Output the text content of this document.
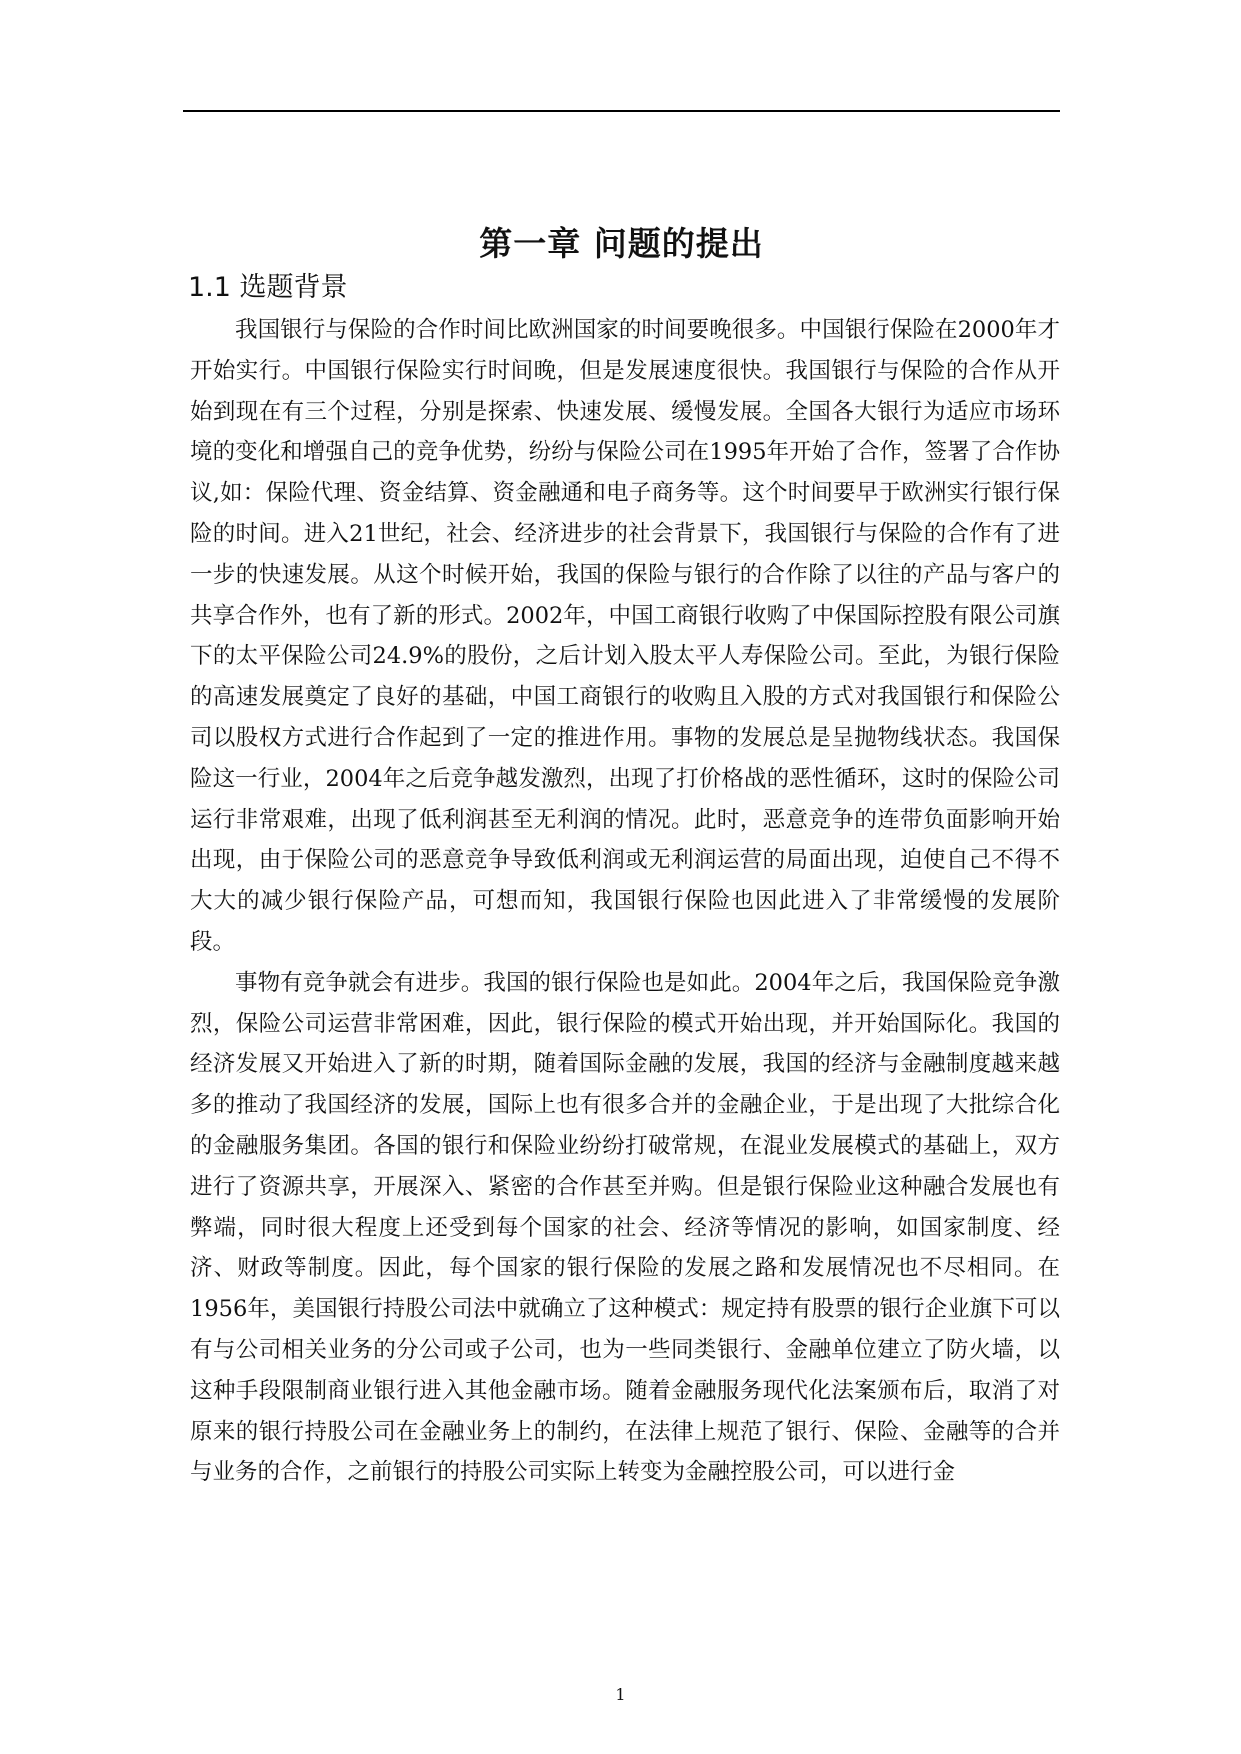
第一章 问题的提出
1.1 选题背景

我国银行与保险的合作时间比欧洲国家的时间要晚很多。中国银行保险在2000年才开始实行。中国银行保险实行时间晚，但是发展速度很快。我国银行与保险的合作从开始到现在有三个过程，分别是探索、快速发展、缓慢发展。全国各大银行为适应市场环境的变化和增强自己的竞争优势，纷纷与保险公司在1995年开始了合作，签署了合作协议,如：保险代理、资金结算、资金融通和电子商务等。这个时间要早于欧洲实行银行保险的时间。进入21世纪，社会、经济进步的社会背景下，我国银行与保险的合作有了进一步的快速发展。从这个时候开始，我国的保险与银行的合作除了以往的产品与客户的共享合作外，也有了新的形式。2002年，中国工商银行收购了中保国际控股有限公司旗下的太平保险公司24.9%的股份，之后计划入股太平人寿保险公司。至此，为银行保险的高速发展奠定了良好的基础，中国工商银行的收购且入股的方式对我国银行和保险公司以股权方式进行合作起到了一定的推进作用。事物的发展总是呈抛物线状态。我国保险这一行业，2004年之后竞争越发激烈，出现了打价格战的恶性循环，这时的保险公司运行非常艰难，出现了低利润甚至无利润的情况。此时，恶意竞争的连带负面影响开始出现，由于保险公司的恶意竞争导致低利润或无利润运营的局面出现，迫使自己不得不大大的减少银行保险产品，可想而知，我国银行保险也因此进入了非常缓慢的发展阶段。

事物有竞争就会有进步。我国的银行保险也是如此。2004年之后，我国保险竞争激烈，保险公司运营非常困难，因此，银行保险的模式开始出现，并开始国际化。我国的经济发展又开始进入了新的时期，随着国际金融的发展，我国的经济与金融制度越来越多的推动了我国经济的发展，国际上也有很多合并的金融企业，于是出现了大批综合化的金融服务集团。各国的银行和保险业纷纷打破常规，在混业发展模式的基础上，双方进行了资源共享，开展深入、紧密的合作甚至并购。但是银行保险业这种融合发展也有弊端，同时很大程度上还受到每个国家的社会、经济等情况的影响，如国家制度、经济、财政等制度。因此，每个国家的银行保险的发展之路和发展情况也不尽相同。在1956年，美国银行持股公司法中就确立了这种模式：规定持有股票的银行企业旗下可以有与公司相关业务的分公司或子公司，也为一些同类银行、金融单位建立了防火墙，以这种手段限制商业银行进入其他金融市场。随着金融服务现代化法案颁布后，取消了对原来的银行持股公司在金融业务上的制约，在法律上规范了银行、保险、金融等的合并与业务的合作，之前银行的持股公司实际上转变为金融控股公司，可以进行金

1
